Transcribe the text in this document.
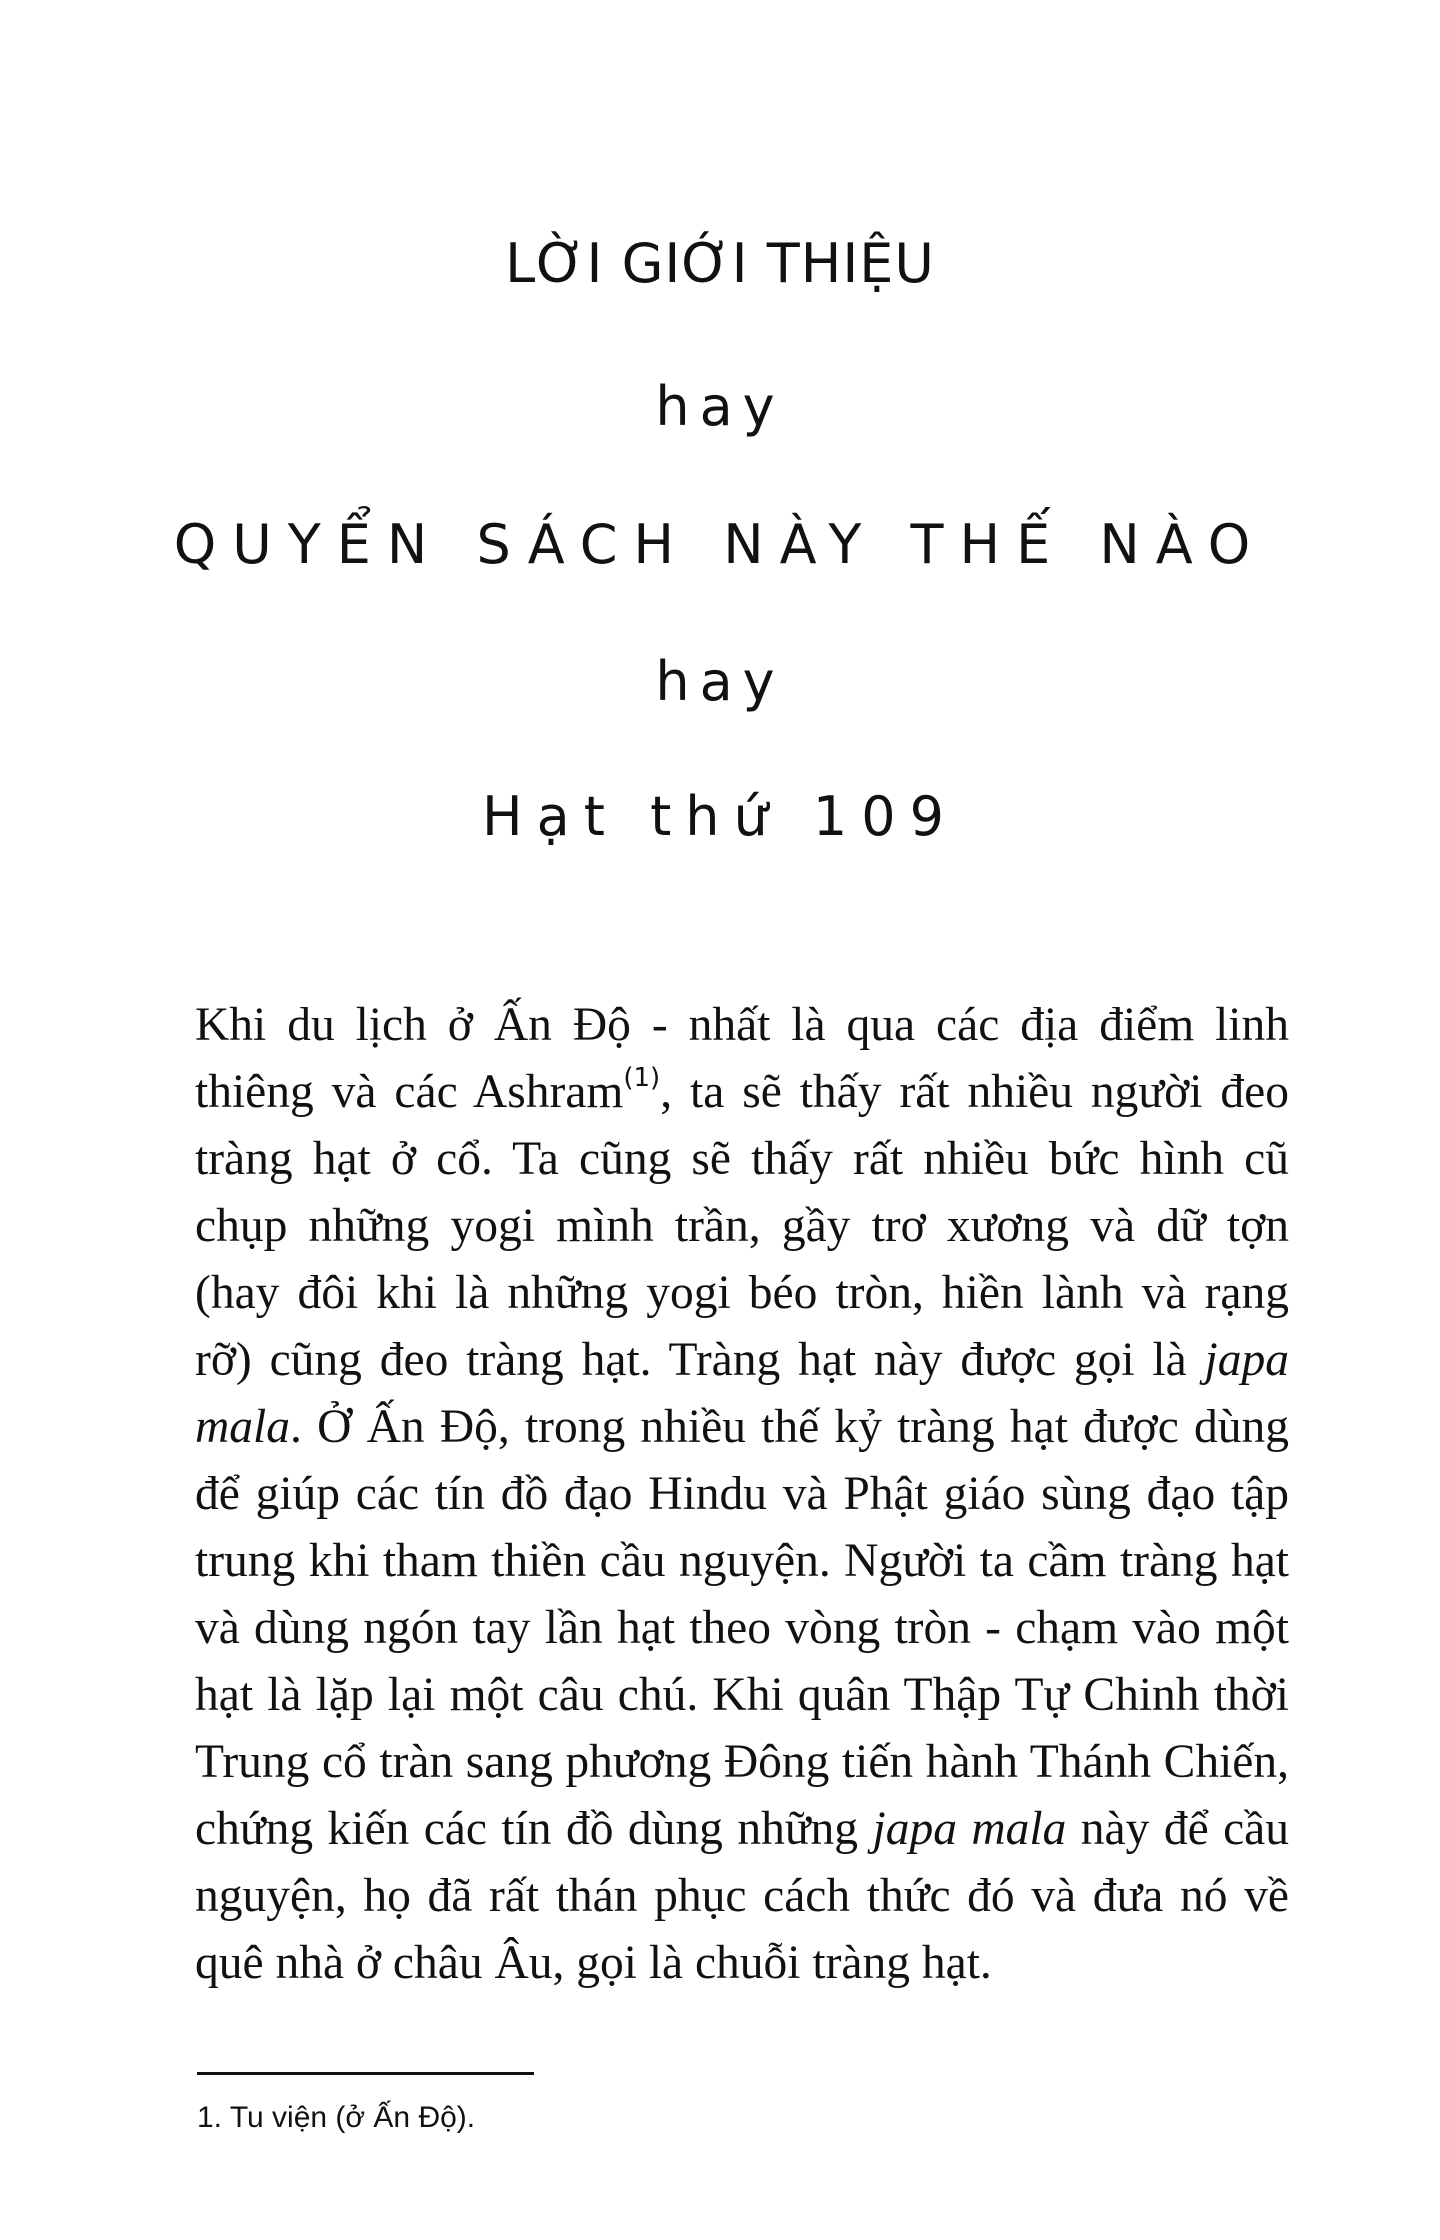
LỜI GIỚI THIỆU
hay
QUYỂN SÁCH NÀY THẾ NÀO
hay
Hạt thứ 109

Khi du lịch ở Ấn Độ - nhất là qua các địa điểm linh thiêng và các Ashram$^{(1)}$, ta sẽ thấy rất nhiều người đeo tràng hạt ở cổ. Ta cũng sẽ thấy rất nhiều bức hình cũ chụp những yogi mình trần, gầy trơ xương và dữ tợn (hay đôi khi là những yogi béo tròn, hiền lành và rạng rỡ) cũng đeo tràng hạt. Tràng hạt này được gọi là japa mala. Ở Ấn Độ, trong nhiều thế kỷ tràng hạt được dùng để giúp các tín đồ đạo Hindu và Phật giáo sùng đạo tập trung khi tham thiền cầu nguyện. Người ta cầm tràng hạt và dùng ngón tay lần hạt theo vòng tròn - chạm vào một hạt là lặp lại một câu chú. Khi quân Thập Tự Chinh thời Trung cổ tràn sang phương Đông tiến hành Thánh Chiến, chứng kiến các tín đồ dùng những japa mala này để cầu nguyện, họ đã rất thán phục cách thức đó và đưa nó về quê nhà ở châu Âu, gọi là chuỗi tràng hạt.

1. Tu viện (ở Ấn Độ).
